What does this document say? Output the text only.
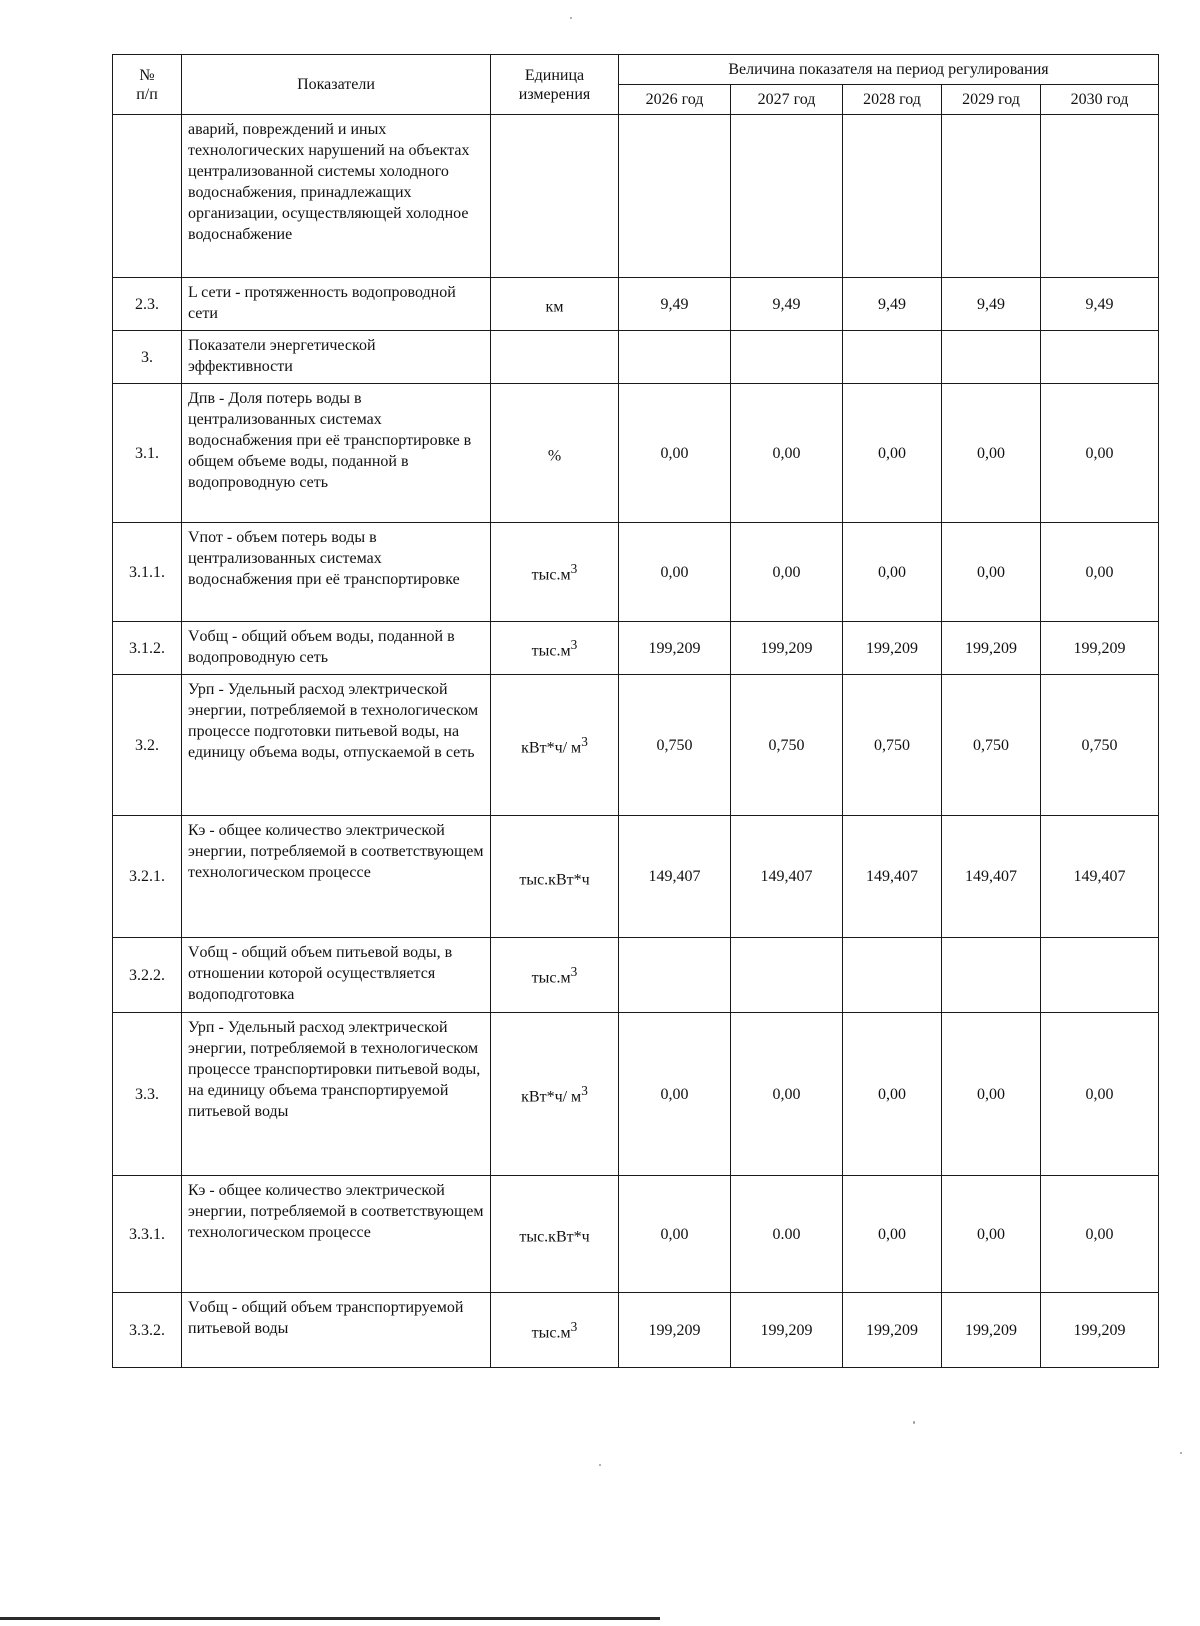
№
п/п	Показатели	Единица
измерения	Величина показателя на период регулирования				
			2026 год	2027 год	2028 год	2029 год	2030 год
	аварий, повреждений и иных технологических нарушений на объектах централизованной системы холодного водоснабжения, принадлежащих организации, осуществляющей холодное водоснабжение						
2.3.	L сети - протяженность водопроводной сети	км	9,49	9,49	9,49	9,49	9,49
3.	Показатели энергетической эффективности						
3.1.	Дпв - Доля потерь воды в централизованных системах водоснабжения при её транспортировке в общем объеме воды, поданной в водопроводную сеть	%	0,00	0,00	0,00	0,00	0,00
3.1.1.	Vпот - объем потерь воды в централизованных системах водоснабжения при её транспортировке	$тыс.м^3$	0,00	0,00	0,00	0,00	0,00
3.1.2.	Vобщ - общий объем воды, поданной в водопроводную сеть	$тыс.м^3$	199,209	199,209	199,209	199,209	199,209
3.2.	Урп - Удельный расход электрической энергии, потребляемой в технологическом процессе подготовки питьевой воды, на единицу объема воды, отпускаемой в сеть	кВт*ч/ $м^3$	0,750	0,750	0,750	0,750	0,750
3.2.1.	Кэ - общее количество электрической энергии, потребляемой в соответствующем технологическом процессе	тыс.кВт*ч	149,407	149,407	149,407	149,407	149,407
3.2.2.	Vобщ - общий объем питьевой воды, в отношении которой осуществляется водоподготовка	$тыс.м^3$					
3.3.	Урп - Удельный расход электрической энергии, потребляемой в технологическом процессе транспортировки питьевой воды, на единицу объема транспортируемой питьевой воды	кВт*ч/ $м^3$	0,00	0,00	0,00	0,00	0,00
3.3.1.	Кэ - общее количество электрической энергии, потребляемой в соответствующем технологическом процессе	тыс.кВт*ч	0,00	0.00	0,00	0,00	0,00
3.3.2.	Vобщ - общий объем транспортируемой питьевой воды	$тыс.м^3$	199,209	199,209	199,209	199,209	199,209
